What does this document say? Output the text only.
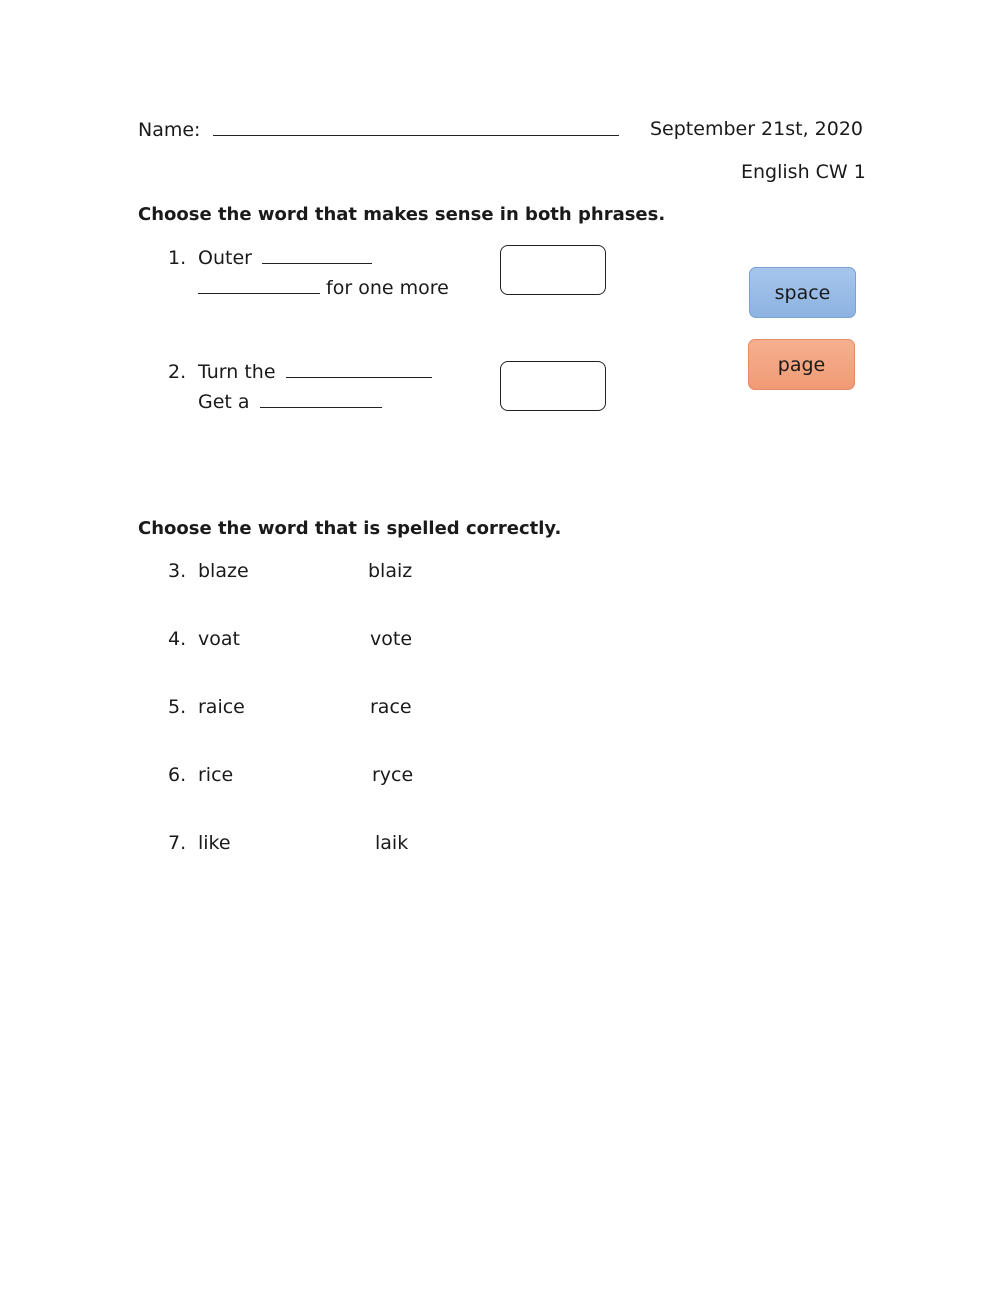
Name:	September 21st, 2020
English CW 1
Choose the word that makes sense in both phrases.
1. Outer
for one more
2. Turn the
Get a
space
page
Choose the word that is spelled correctly.
3. blaze	blaiz
4. voat	vote
5. raice	race
6. rice	ryce
7. like	laik
